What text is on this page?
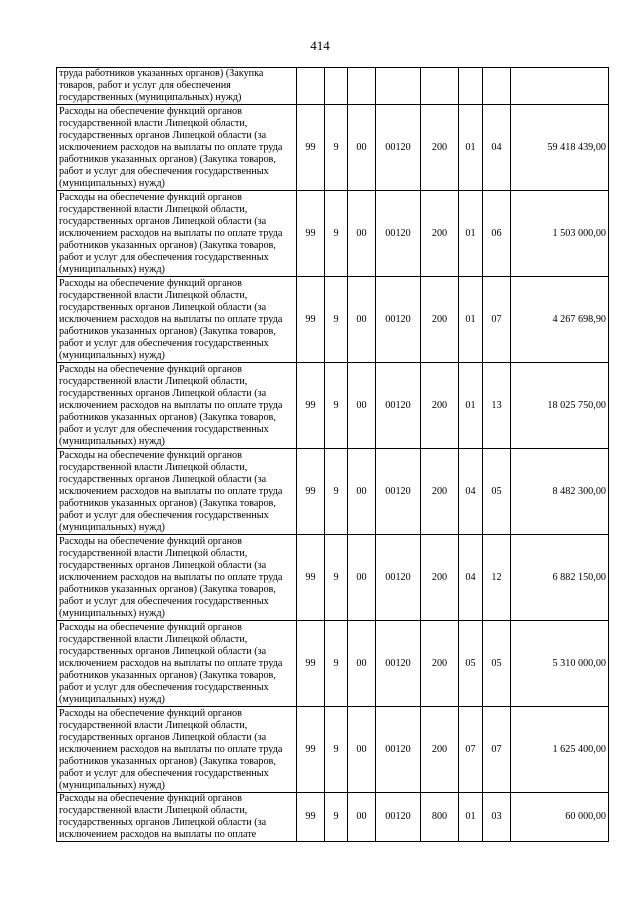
414
труда работников указанных органов) (Закупка товаров, работ и услуг для обеспечения государственных (муниципальных) нужд)								
Расходы на обеспечение функций органов государственной власти Липецкой области, государственных органов Липецкой области (за исключением расходов на выплаты по оплате труда работников указанных органов) (Закупка товаров, работ и услуг для обеспечения государственных (муниципальных) нужд)	99	9	00	00120	200	01	04	59 418 439,00
Расходы на обеспечение функций органов государственной власти Липецкой области, государственных органов Липецкой области (за исключением расходов на выплаты по оплате труда работников указанных органов) (Закупка товаров, работ и услуг для обеспечения государственных (муниципальных) нужд)	99	9	00	00120	200	01	06	1 503 000,00
Расходы на обеспечение функций органов государственной власти Липецкой области, государственных органов Липецкой области (за исключением расходов на выплаты по оплате труда работников указанных органов) (Закупка товаров, работ и услуг для обеспечения государственных (муниципальных) нужд)	99	9	00	00120	200	01	07	4 267 698,90
Расходы на обеспечение функций органов государственной власти Липецкой области, государственных органов Липецкой области (за исключением расходов на выплаты по оплате труда работников указанных органов) (Закупка товаров, работ и услуг для обеспечения государственных (муниципальных) нужд)	99	9	00	00120	200	01	13	18 025 750,00
Расходы на обеспечение функций органов государственной власти Липецкой области, государственных органов Липецкой области (за исключением расходов на выплаты по оплате труда работников указанных органов) (Закупка товаров, работ и услуг для обеспечения государственных (муниципальных) нужд)	99	9	00	00120	200	04	05	8 482 300,00
Расходы на обеспечение функций органов государственной власти Липецкой области, государственных органов Липецкой области (за исключением расходов на выплаты по оплате труда работников указанных органов) (Закупка товаров, работ и услуг для обеспечения государственных (муниципальных) нужд)	99	9	00	00120	200	04	12	6 882 150,00
Расходы на обеспечение функций органов государственной власти Липецкой области, государственных органов Липецкой области (за исключением расходов на выплаты по оплате труда работников указанных органов) (Закупка товаров, работ и услуг для обеспечения государственных (муниципальных) нужд)	99	9	00	00120	200	05	05	5 310 000,00
Расходы на обеспечение функций органов государственной власти Липецкой области, государственных органов Липецкой области (за исключением расходов на выплаты по оплате труда работников указанных органов) (Закупка товаров, работ и услуг для обеспечения государственных (муниципальных) нужд)	99	9	00	00120	200	07	07	1 625 400,00
Расходы на обеспечение функций органов государственной власти Липецкой области, государственных органов Липецкой области (за исключением расходов на выплаты по оплате	99	9	00	00120	800	01	03	60 000,00
